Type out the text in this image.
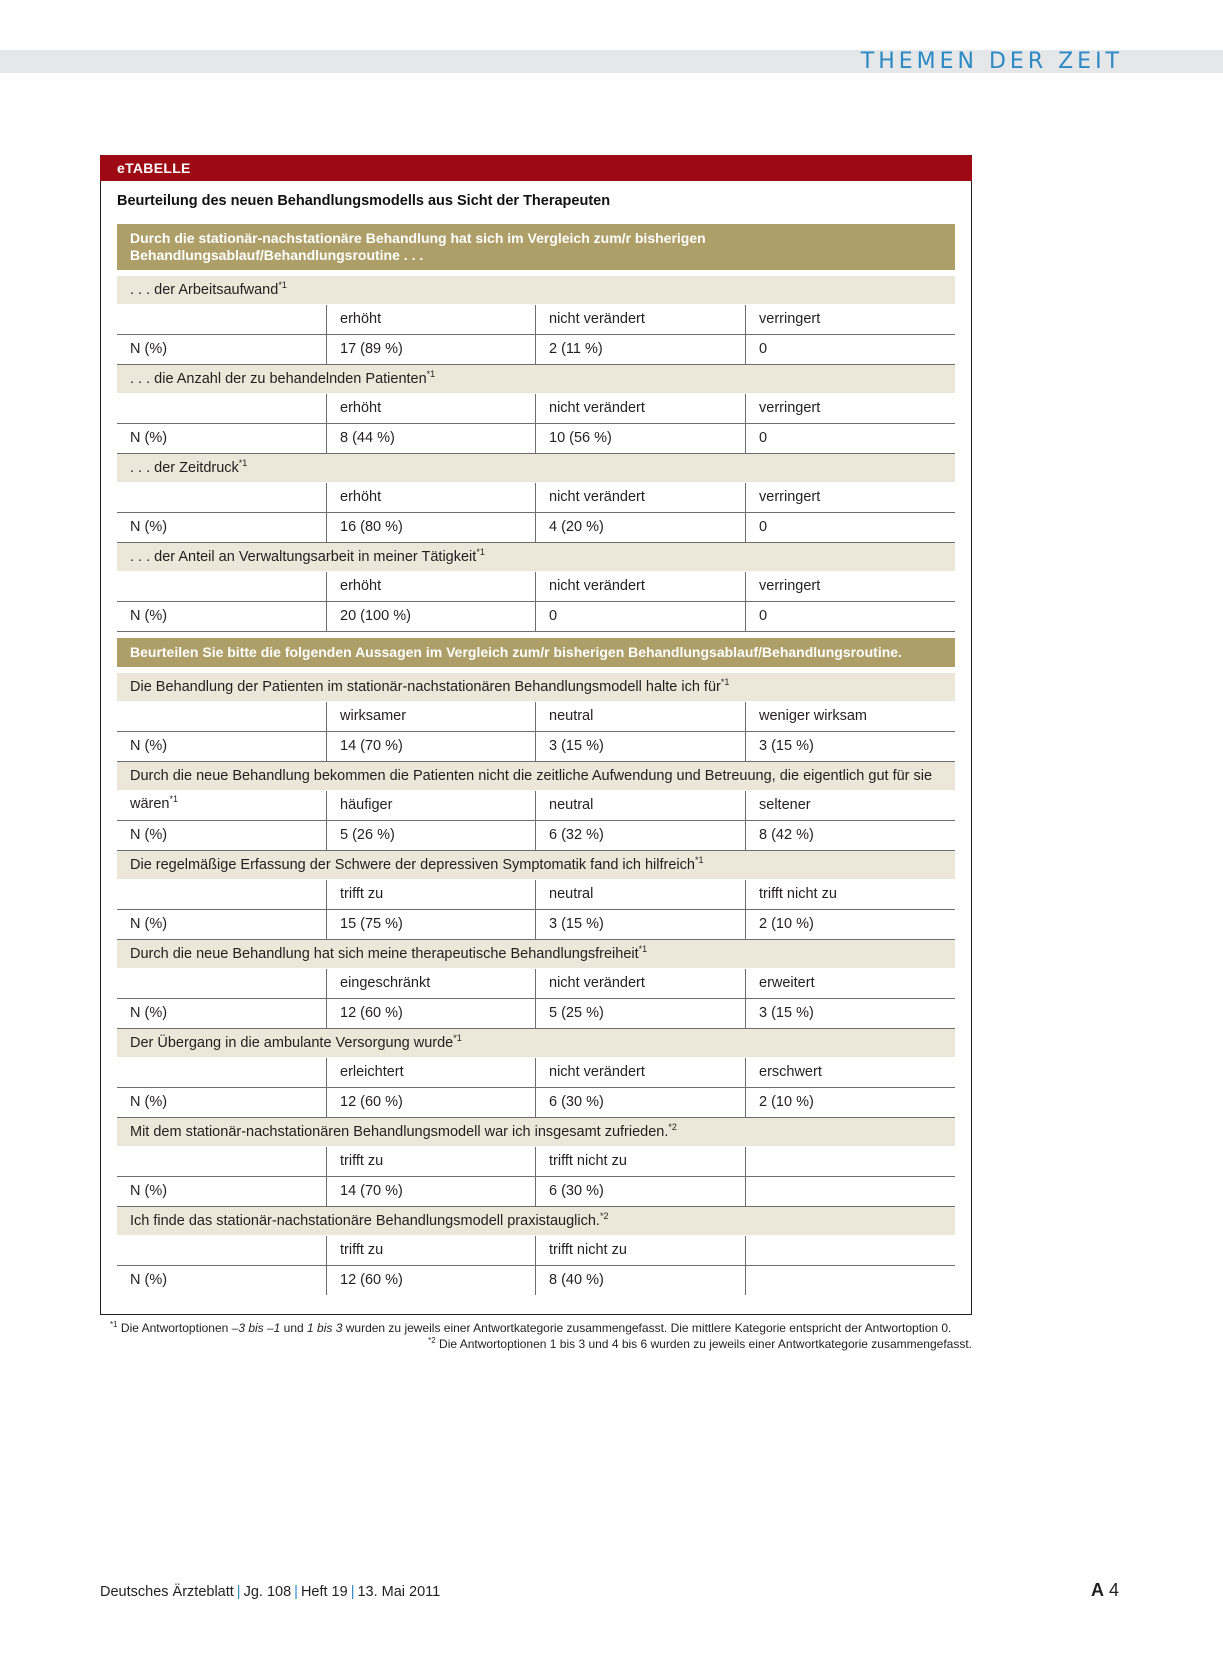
THEMEN DER ZEIT
eTABELLE
Beurteilung des neuen Behandlungsmodells aus Sicht der Therapeuten
Durch die stationär-nachstationäre Behandlung hat sich im Vergleich zum/r bisherigen Behandlungsablauf/Behandlungsroutine . . .
. . . der Arbeitsaufwand$^{*1}$
erhöht	nicht verändert	verringert
N (%)	17 (89 %)	2 (11 %)	0
. . . die Anzahl der zu behandelnden Patienten$^{*1}$
erhöht	nicht verändert	verringert
N (%)	8 (44 %)	10 (56 %)	0
. . . der Zeitdruck$^{*1}$
erhöht	nicht verändert	verringert
N (%)	16 (80 %)	4 (20 %)	0
. . . der Anteil an Verwaltungsarbeit in meiner Tätigkeit$^{*1}$
erhöht	nicht verändert	verringert
N (%)	20 (100 %)	0	0
Beurteilen Sie bitte die folgenden Aussagen im Vergleich zum/r bisherigen Behandlungsablauf/Behandlungsroutine.
Die Behandlung der Patienten im stationär-nachstationären Behandlungsmodell halte ich für$^{*1}$
wirksamer	neutral	weniger wirksam
N (%)	14 (70 %)	3 (15 %)	3 (15 %)
Durch die neue Behandlung bekommen die Patienten nicht die zeitliche Aufwendung und Betreuung, die eigentlich gut für sie wären$^{*1}$	häufiger	neutral	seltener
N (%)	5 (26 %)	6 (32 %)	8 (42 %)
Die regelmäßige Erfassung der Schwere der depressiven Symptomatik fand ich hilfreich$^{*1}$
trifft zu	neutral	trifft nicht zu
N (%)	15 (75 %)	3 (15 %)	2 (10 %)
Durch die neue Behandlung hat sich meine therapeutische Behandlungsfreiheit$^{*1}$
eingeschränkt	nicht verändert	erweitert
N (%)	12 (60 %)	5 (25 %)	3 (15 %)
Der Übergang in die ambulante Versorgung wurde$^{*1}$
erleichtert	nicht verändert	erschwert
N (%)	12 (60 %)	6 (30 %)	2 (10 %)
Mit dem stationär-nachstationären Behandlungsmodell war ich insgesamt zufrieden.$^{*2}$
trifft zu	trifft nicht zu
N (%)	14 (70 %)	6 (30 %)
Ich finde das stationär-nachstationäre Behandlungsmodell praxistauglich.$^{*2}$
trifft zu	trifft nicht zu
N (%)	12 (60 %)	8 (40 %)
$^{*1}$ Die Antwortoptionen –3 bis –1 und 1 bis 3 wurden zu jeweils einer Antwortkategorie zusammengefasst. Die mittlere Kategorie entspricht der Antwortoption 0.
$^{*2}$ Die Antwortoptionen 1 bis 3 und 4 bis 6 wurden zu jeweils einer Antwortkategorie zusammengefasst.
Deutsches Ärzteblatt | Jg. 108 | Heft 19 | 13. Mai 2011	A 4
